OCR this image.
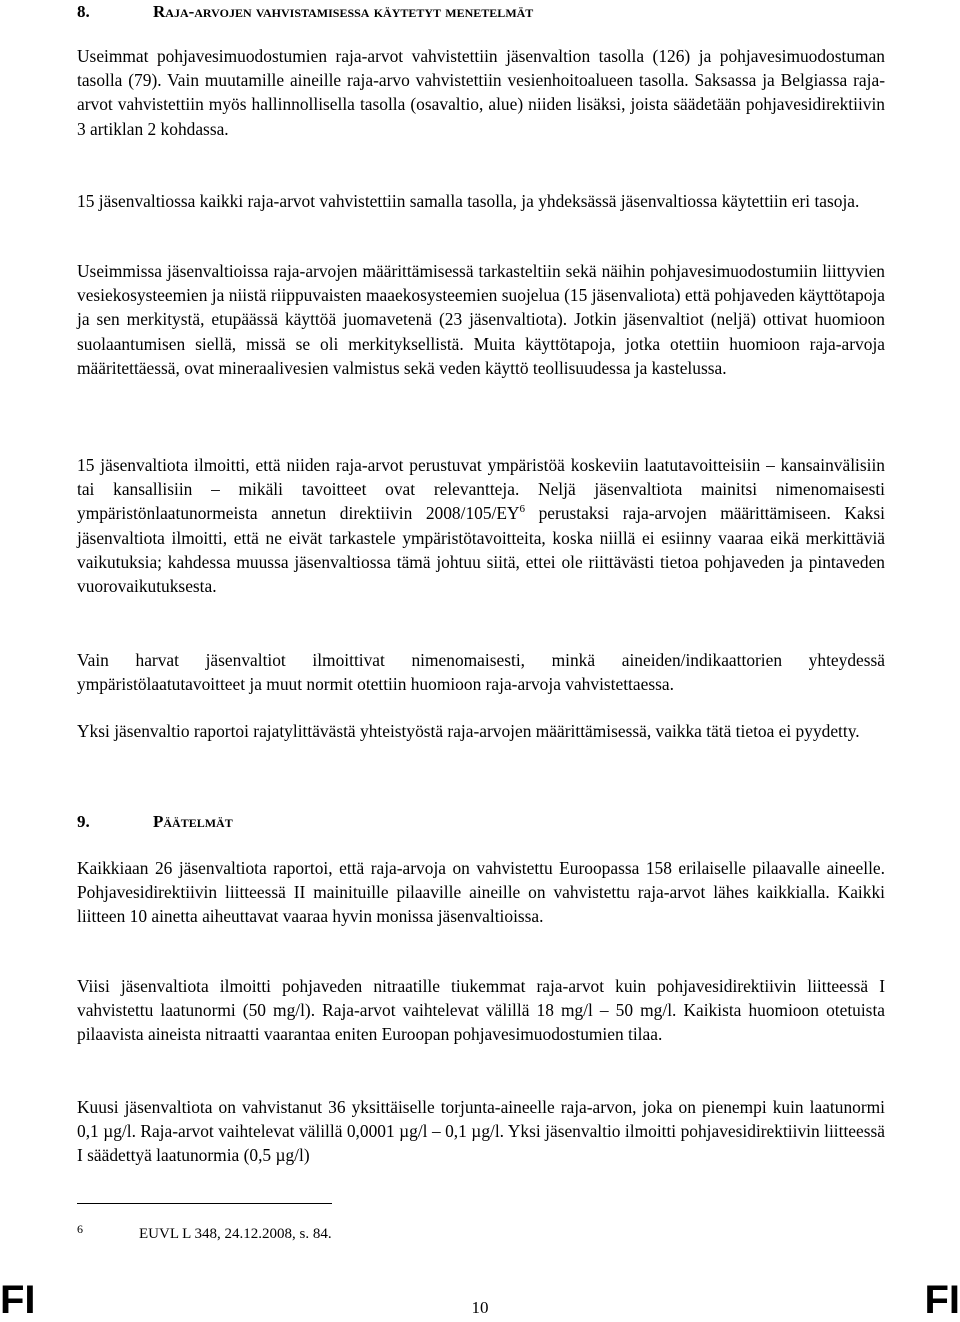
8.	Raja-arvojen vahvistamisessa käytetyt menetelmät

Useimmat pohjavesimuodostumien raja-arvot vahvistettiin jäsenvaltion tasolla (126) ja pohjavesimuodostuman tasolla (79). Vain muutamille aineille raja-arvo vahvistettiin vesienhoitoalueen tasolla. Saksassa ja Belgiassa raja-arvot vahvistettiin myös hallinnollisella tasolla (osavaltio, alue) niiden lisäksi, joista säädetään pohjavesidirektiivin 3 artiklan 2 kohdassa.

15 jäsenvaltiossa kaikki raja-arvot vahvistettiin samalla tasolla, ja yhdeksässä jäsenvaltiossa käytettiin eri tasoja.

Useimmissa jäsenvaltioissa raja-arvojen määrittämisessä tarkasteltiin sekä näihin pohjavesimuodostumiin liittyvien vesiekosysteemien ja niistä riippuvaisten maaekosysteemien suojelua (15 jäsenvaliota) että pohjaveden käyttötapoja ja sen merkitystä, etupäässä käyttöä juomavetenä (23 jäsenvaltiota). Jotkin jäsenvaltiot (neljä) ottivat huomioon suolaantumisen siellä, missä se oli merkityksellistä. Muita käyttötapoja, jotka otettiin huomioon raja-arvoja määritettäessä, ovat mineraalivesien valmistus sekä veden käyttö teollisuudessa ja kastelussa.

15 jäsenvaltiota ilmoitti, että niiden raja-arvot perustuvat ympäristöä koskeviin laatutavoitteisiin – kansainvälisiin tai kansallisiin – mikäli tavoitteet ovat relevantteja. Neljä jäsenvaltiota mainitsi nimenomaisesti ympäristönlaatunormeista annetun direktiivin $2008/105/EY^6$ perustaksi raja-arvojen määrittämiseen. Kaksi jäsenvaltiota ilmoitti, että ne eivät tarkastele ympäristötavoitteita, koska niillä ei esiinny vaaraa eikä merkittäviä vaikutuksia; kahdessa muussa jäsenvaltiossa tämä johtuu siitä, ettei ole riittävästi tietoa pohjaveden ja pintaveden vuorovaikutuksesta.

Vain harvat jäsenvaltiot ilmoittivat nimenomaisesti, minkä aineiden/indikaattorien yhteydessä ympäristölaatutavoitteet ja muut normit otettiin huomioon raja-arvoja vahvistettaessa.

Yksi jäsenvaltio raportoi rajatylittävästä yhteistyöstä raja-arvojen määrittämisessä, vaikka tätä tietoa ei pyydetty.

9.	Päätelmät

Kaikkiaan 26 jäsenvaltiota raportoi, että raja-arvoja on vahvistettu Euroopassa 158 erilaiselle pilaavalle aineelle. Pohjavesidirektiivin liitteessä II mainituille pilaaville aineille on vahvistettu raja-arvot lähes kaikkialla. Kaikki liitteen 10 ainetta aiheuttavat vaaraa hyvin monissa jäsenvaltioissa.

Viisi jäsenvaltiota ilmoitti pohjaveden nitraatille tiukemmat raja-arvot kuin pohjavesidirektiivin liitteessä I vahvistettu laatunormi (50 mg/l). Raja-arvot vaihtelevat välillä 18 mg/l – 50 mg/l. Kaikista huomioon otetuista pilaavista aineista nitraatti vaarantaa eniten Euroopan pohjavesimuodostumien tilaa.

Kuusi jäsenvaltiota on vahvistanut 36 yksittäiselle torjunta-aineelle raja-arvon, joka on pienempi kuin laatunormi 0,1 µg/l. Raja-arvot vaihtelevat välillä 0,0001 µg/l – 0,1 µg/l. Yksi jäsenvaltio ilmoitti pohjavesidirektiivin liitteessä I säädettyä laatunormia (0,5 µg/l)

6	EUVL L 348, 24.12.2008, s. 84.
FI	10	FI
